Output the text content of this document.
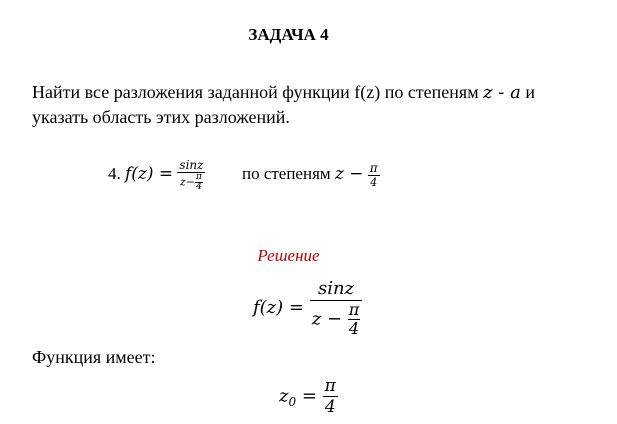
ЗАДАЧА 4
Найти все разложения заданной функции f(z) по степеням z - a и
указать область этих разложений.
4. $f(z) = \frac{\sin z}{z- \frac{\pi}{4}}$ по степеням $z - \frac{\pi}{4}$
Решение
$f(z) = \frac{\sin z}{z - \frac{\pi}{4}}$
Функция имеет:
$z_0 = \frac{\pi}{4}$
